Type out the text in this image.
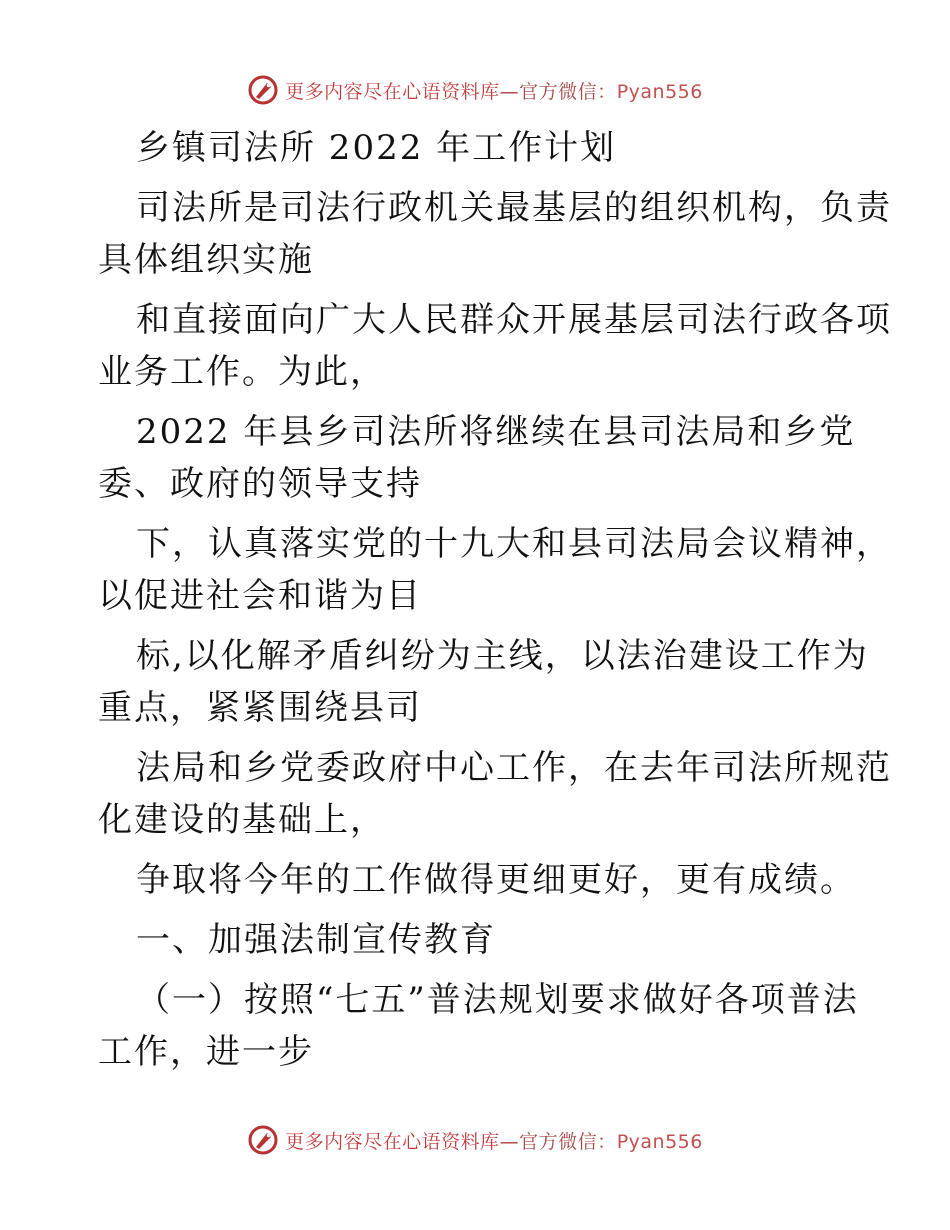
更多内容尽在心语资料库—官方微信：Pyan556
乡镇司法所 2022 年工作计划
司法所是司法行政机关最基层的组织机构，负责
具体组织实施
和直接面向广大人民群众开展基层司法行政各项
业务工作。为此，
2022 年县乡司法所将继续在县司法局和乡党
委、政府的领导支持
下，认真落实党的十九大和县司法局会议精神，
以促进社会和谐为目
标,以化解矛盾纠纷为主线，以法治建设工作为
重点，紧紧围绕县司
法局和乡党委政府中心工作，在去年司法所规范
化建设的基础上，
争取将今年的工作做得更细更好，更有成绩。
一、加强法制宣传教育
（一）按照“七五”普法规划要求做好各项普法
工作，进一步
更多内容尽在心语资料库—官方微信：Pyan556
